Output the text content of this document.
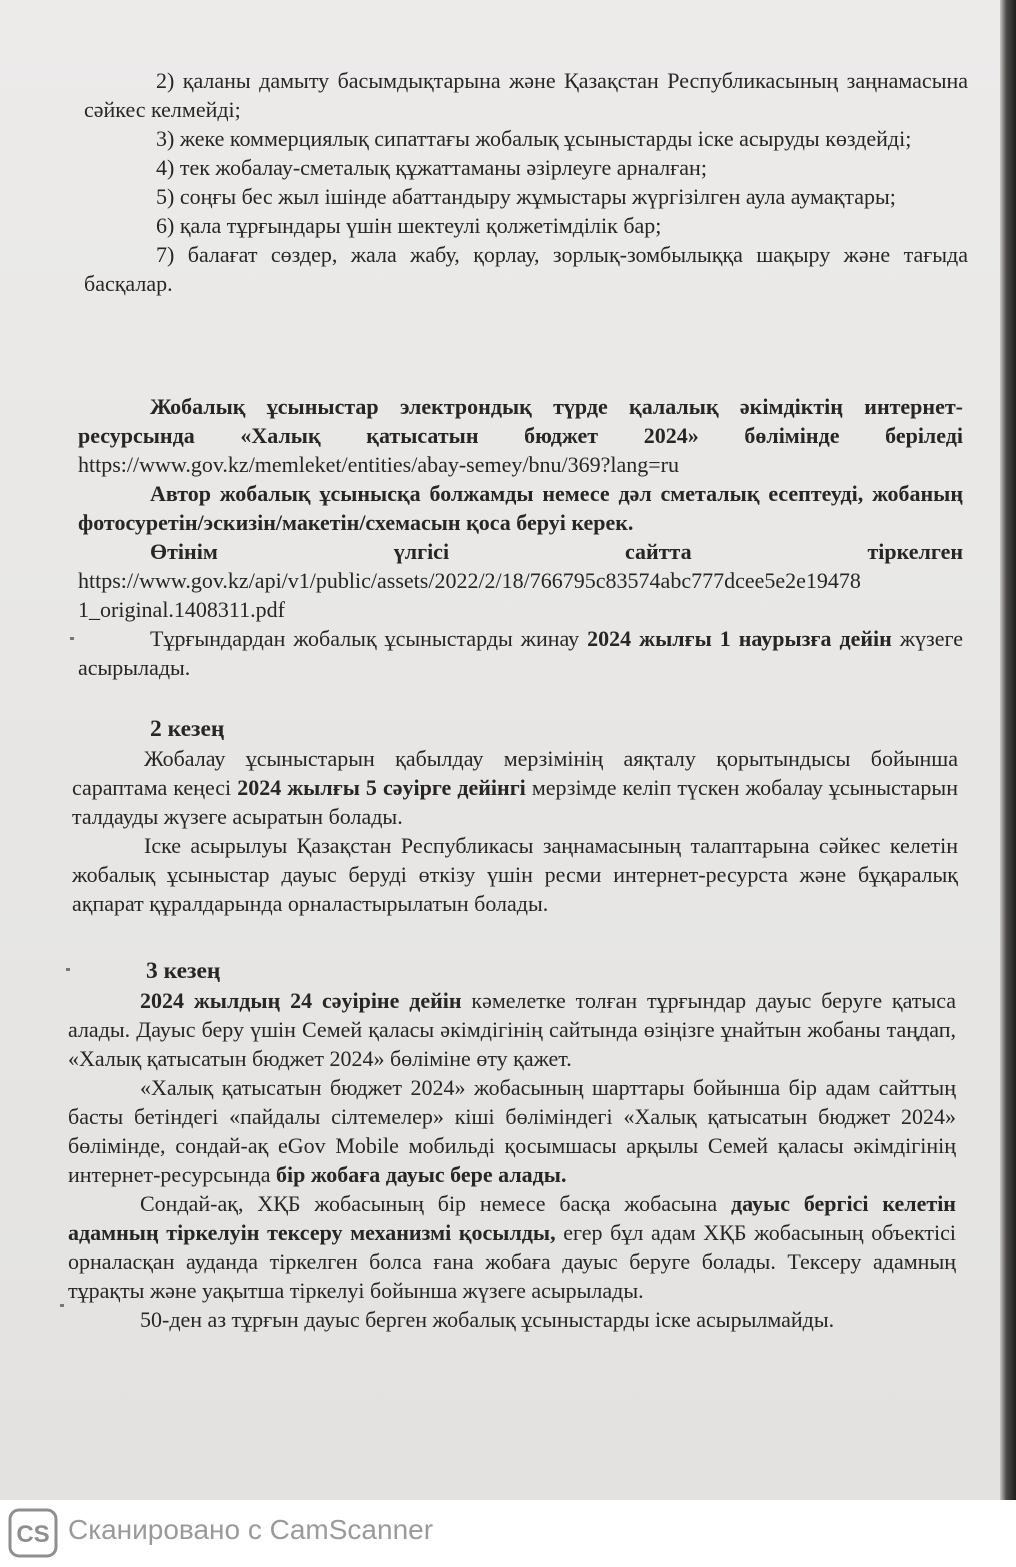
2) қаланы дамыту басымдықтарына және Қазақстан Республикасының заңнамасына сәйкес келмейді;

3) жеке коммерциялық сипаттағы жобалық ұсыныстарды іске асыруды көздейді;

4) тек жобалау-сметалық құжаттаманы әзірлеуге арналған;

5) соңғы бес жыл ішінде абаттандыру жұмыстары жүргізілген аула аумақтары;

6) қала тұрғындары үшін шектеулі қолжетімділік бар;

7) балағат сөздер, жала жабу, қорлау, зорлық-зомбылыққа шақыру және тағыда басқалар.

Жобалық ұсыныстар электрондық түрде қалалық әкімдіктің интернет-ресурсында «Халық қатысатын бюджет 2024» бөлімінде беріледі https://www.gov.kz/memleket/entities/abay-semey/bnu/369?lang=ru

Автор жобалық ұсынысқа болжамды немесе дәл сметалық есептеуді, жобаның фотосуретін/эскизін/макетін/схемасын қоса беруі керек.

Өтінім	үлгісі	сайтта	тіркелген

https://www.gov.kz/api/v1/public/assets/2022/2/18/766795c83574abc777dcee5e2e19478
1_original.1408311.pdf

Тұрғындардан жобалық ұсыныстарды жинау 2024 жылғы 1 наурызға дейін жүзеге асырылады.

2 кезең

Жобалау ұсыныстарын қабылдау мерзімінің аяқталу қорытындысы бойынша сараптама кеңесі 2024 жылғы 5 сәуірге дейінгі мерзімде келіп түскен жобалау ұсыныстарын талдауды жүзеге асыратын болады.

Іске асырылуы Қазақстан Республикасы заңнамасының талаптарына сәйкес келетін жобалық ұсыныстар дауыс беруді өткізу үшін ресми интернет-ресурста және бұқаралық ақпарат құралдарында орналастырылатын болады.

3 кезең

2024 жылдың 24 сәуіріне дейін кәмелетке толған тұрғындар дауыс беруге қатыса алады. Дауыс беру үшін Семей қаласы әкімдігінің сайтында өзіңізге ұнайтын жобаны таңдап, «Халық қатысатын бюджет 2024» бөліміне өту қажет.

«Халық қатысатын бюджет 2024» жобасының шарттары бойынша бір адам сайттың басты бетіндегі «пайдалы сілтемелер» кіші бөліміндегі «Халық қатысатын бюджет 2024» бөлімінде, сондай-ақ eGov Mobile мобильді қосымшасы арқылы Семей қаласы әкімдігінің интернет-ресурсында бір жобаға дауыс бере алады.

Сондай-ақ, ХҚБ жобасының бір немесе басқа жобасына дауыс бергісі келетін адамның тіркелуін тексеру механизмі қосылды, егер бұл адам ХҚБ жобасының объектісі орналасқан ауданда тіркелген болса ғана жобаға дауыс беруге болады. Тексеру адамның тұрақты және уақытша тіркелуі бойынша жүзеге асырылады.

50-ден аз тұрғын дауыс берген жобалық ұсыныстарды іске асырылмайды.

CS Сканировано с CamScanner
